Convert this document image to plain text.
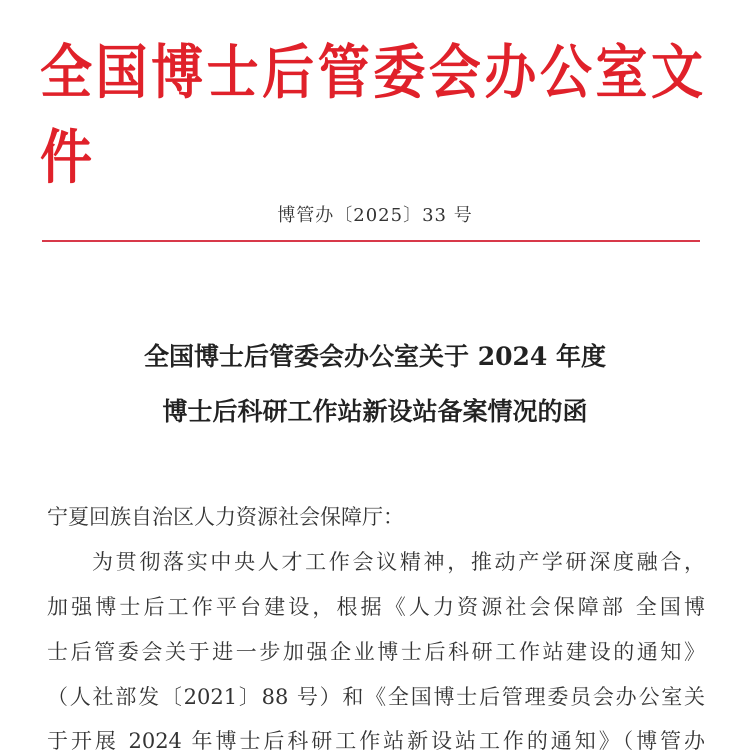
全国博士后管委会办公室文件
博管办〔2025〕33 号
全国博士后管委会办公室关于 2024 年度
博士后科研工作站新设站备案情况的函
宁夏回族自治区人力资源社会保障厅：
为贯彻落实中央人才工作会议精神，推动产学研深度融合，
加强博士后工作平台建设，根据《人力资源社会保障部 全国博
士后管委会关于进一步加强企业博士后科研工作站建设的通知》
（人社部发〔2021〕88 号）和《全国博士后管理委员会办公室关
于开展 2024 年博士后科研工作站新设站工作的通知》（博管办
